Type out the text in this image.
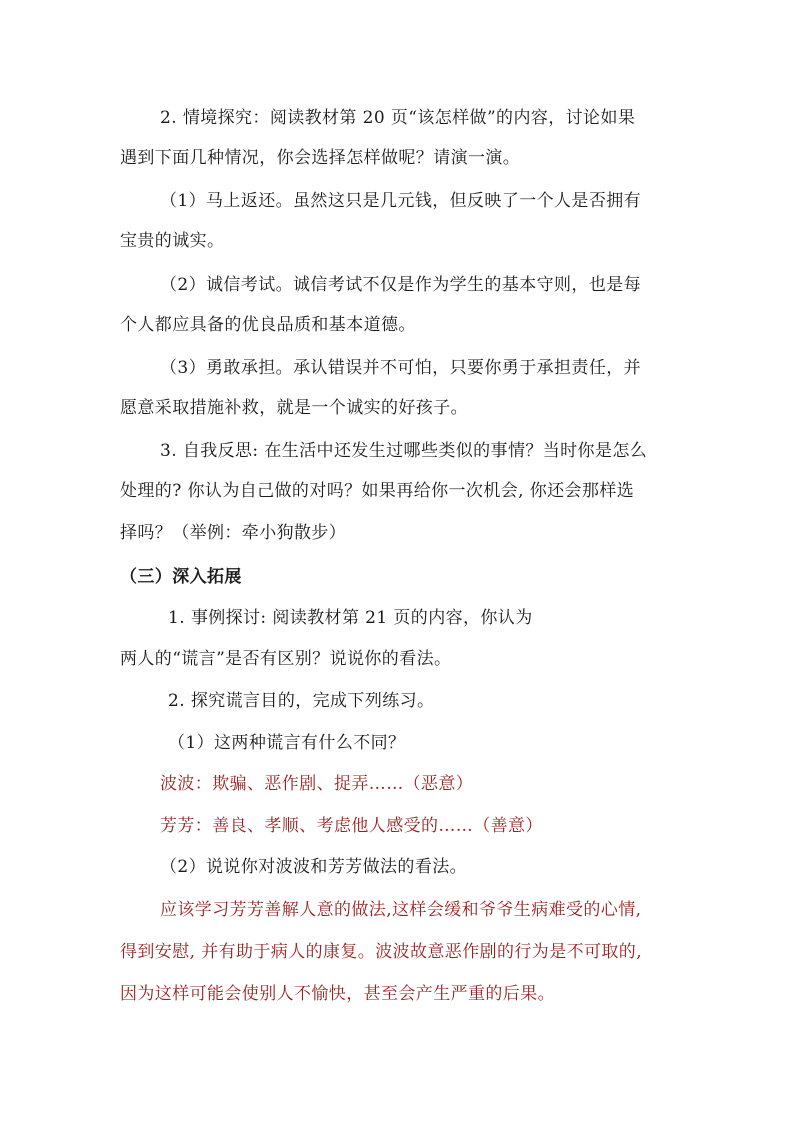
2. 情境探究：阅读教材第 20 页“该怎样做”的内容，讨论如果
遇到下面几种情况，你会选择怎样做呢？请演一演。
（1）马上返还。虽然这只是几元钱，但反映了一个人是否拥有
宝贵的诚实。
（2）诚信考试。诚信考试不仅是作为学生的基本守则，也是每
个人都应具备的优良品质和基本道德。
（3）勇敢承担。承认错误并不可怕，只要你勇于承担责任，并
愿意采取措施补救，就是一个诚实的好孩子。
3. 自我反思: 在生活中还发生过哪些类似的事情？当时你是怎么
处理的? 你认为自己做的对吗？如果再给你一次机会, 你还会那样选
择吗？（举例：牵小狗散步）
（三）深入拓展
1. 事例探讨: 阅读教材第 21 页的内容，你认为
两人的“谎言”是否有区别？说说你的看法。
2. 探究谎言目的，完成下列练习。
（1）这两种谎言有什么不同？
波波：欺骗、恶作剧、捉弄……（恶意）
芳芳：善良、孝顺、考虑他人感受的……（善意）
（2）说说你对波波和芳芳做法的看法。
应该学习芳芳善解人意的做法,这样会缓和爷爷生病难受的心情,
得到安慰, 并有助于病人的康复。波波故意恶作剧的行为是不可取的,
因为这样可能会使别人不愉快，甚至会产生严重的后果。
